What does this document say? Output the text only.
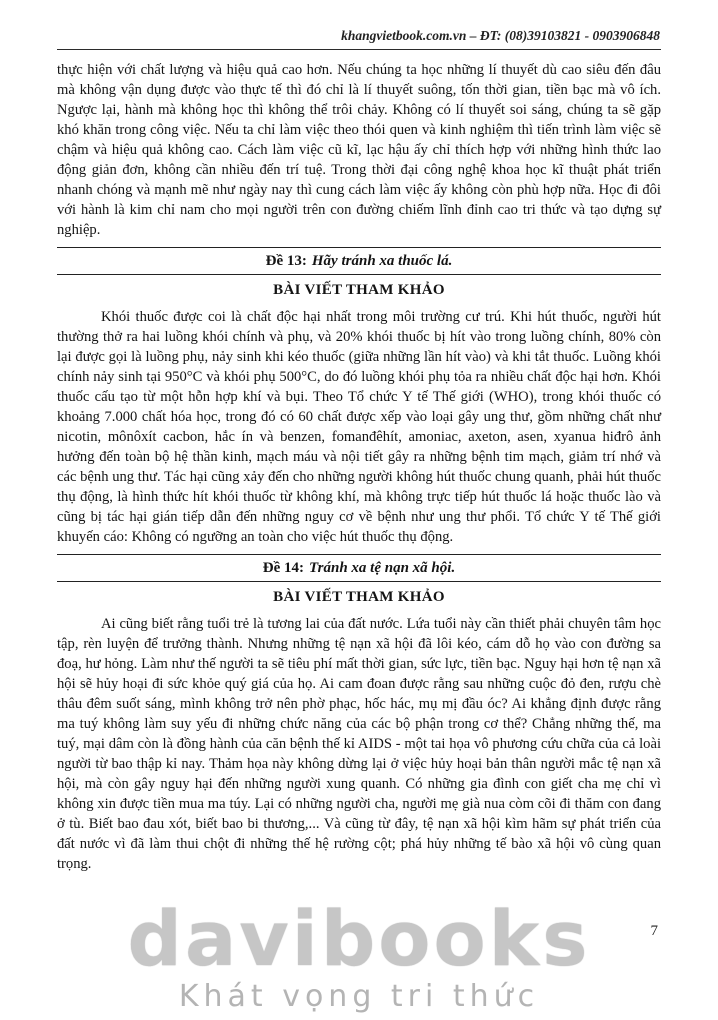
khangvietbook.com.vn – ĐT: (08)39103821 - 0903906848

thực hiện với chất lượng và hiệu quả cao hơn. Nếu chúng ta học những lí thuyết dù cao siêu đến đâu mà không vận dụng được vào thực tế thì đó chỉ là lí thuyết suông, tốn thời gian, tiền bạc mà vô ích. Ngược lại, hành mà không học thì không thể trôi chảy. Không có lí thuyết soi sáng, chúng ta sẽ gặp khó khăn trong công việc. Nếu ta chỉ làm việc theo thói quen và kinh nghiệm thì tiến trình làm việc sẽ chậm và hiệu quả không cao. Cách làm việc cũ kĩ, lạc hậu ấy chỉ thích hợp với những hình thức lao động giản đơn, không cần nhiều đến trí tuệ. Trong thời đại công nghệ khoa học kĩ thuật phát triển nhanh chóng và mạnh mẽ như ngày nay thì cung cách làm việc ấy không còn phù hợp nữa. Học đi đôi với hành là kim chỉ nam cho mọi người trên con đường chiếm lĩnh đỉnh cao tri thức và tạo dựng sự nghiệp.

Đề 13: Hãy tránh xa thuốc lá.
BÀI VIẾT THAM KHẢO

Khói thuốc được coi là chất độc hại nhất trong môi trường cư trú. Khi hút thuốc, người hút thường thở ra hai luồng khói chính và phụ, và 20% khói thuốc bị hít vào trong luồng chính, 80% còn lại được gọi là luồng phụ, nảy sinh khi kéo thuốc (giữa những lần hít vào) và khi tắt thuốc. Luồng khói chính nảy sinh tại 950°C và khói phụ 500°C, do đó luồng khói phụ tỏa ra nhiều chất độc hại hơn. Khói thuốc cấu tạo từ một hỗn hợp khí và bụi. Theo Tổ chức Y tế Thế giới (WHO), trong khói thuốc có khoảng 7.000 chất hóa học, trong đó có 60 chất được xếp vào loại gây ung thư, gồm những chất như nicotin, mônôxít cacbon, hắc ín và benzen, fomanđêhít, amoniac, axeton, asen, xyanua hiđrô ảnh hưởng đến toàn bộ hệ thần kinh, mạch máu và nội tiết gây ra những bệnh tim mạch, giảm trí nhớ và các bệnh ung thư. Tác hại cũng xảy đến cho những người không hút thuốc chung quanh, phải hút thuốc thụ động, là hình thức hít khói thuốc từ không khí, mà không trực tiếp hút thuốc lá hoặc thuốc lào và cũng bị tác hại gián tiếp dẫn đến những nguy cơ về bệnh như ung thư phổi. Tổ chức Y tế Thế giới khuyến cáo: Không có ngưỡng an toàn cho việc hút thuốc thụ động.

Đề 14: Tránh xa tệ nạn xã hội.
BÀI VIẾT THAM KHẢO

Ai cũng biết rằng tuổi trẻ là tương lai của đất nước. Lứa tuổi này cần thiết phải chuyên tâm học tập, rèn luyện để trưởng thành. Nhưng những tệ nạn xã hội đã lôi kéo, cám dỗ họ vào con đường sa đoạ, hư hỏng. Làm như thế người ta sẽ tiêu phí mất thời gian, sức lực, tiền bạc. Nguy hại hơn tệ nạn xã hội sẽ hủy hoại đi sức khỏe quý giá của họ. Ai cam đoan được rằng sau những cuộc đỏ đen, rượu chè thâu đêm suốt sáng, mình không trở nên phờ phạc, hốc hác, mụ mị đầu óc? Ai khẳng định được rằng ma tuý không làm suy yếu đi những chức năng của các bộ phận trong cơ thể? Chẳng những thế, ma tuý, mại dâm còn là đồng hành của căn bệnh thế kỉ AIDS - một tai họa vô phương cứu chữa của cả loài người từ bao thập kỉ nay. Thảm họa này không dừng lại ở việc hủy hoại bản thân người mắc tệ nạn xã hội, mà còn gây nguy hại đến những người xung quanh. Có những gia đình con giết cha mẹ chỉ vì không xin được tiền mua ma túy. Lại có những người cha, người mẹ già nua còm cõi đi thăm con đang ở tù. Biết bao đau xót, biết bao bi thương,... Và cũng từ đây, tệ nạn xã hội kìm hãm sự phát triển của đất nước vì đã làm thui chột đi những thế hệ rường cột; phá hủy những tế bào xã hội vô cùng quan trọng.

7
davibooks
Khát vọng tri thức
